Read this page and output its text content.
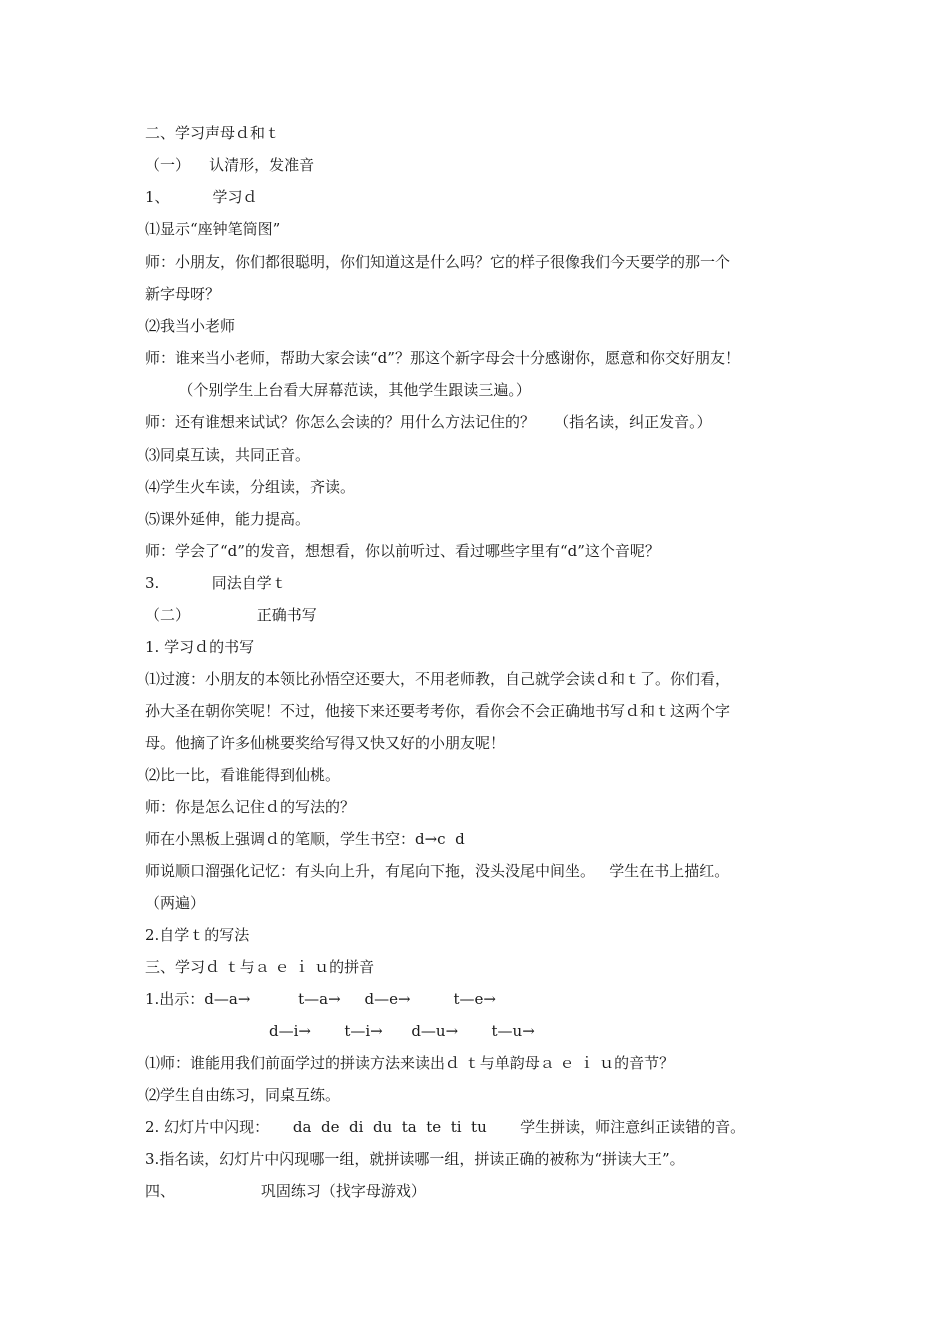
二、学习声母ｄ和ｔ
（一）    认清形，发准音
1、         学习ｄ
⑴显示“座钟笔筒图”
师：小朋友，你们都很聪明，你们知道这是什么吗？它的样子很像我们今天要学的那一个
新字母呀？
⑵我当小老师
师：谁来当小老师，帮助大家会读“d”？那这个新字母会十分感谢你，愿意和你交好朋友！
（个别学生上台看大屏幕范读，其他学生跟读三遍。）
师：还有谁想来试试？你怎么会读的？用什么方法记住的？    （指名读，纠正发音。）
⑶同桌互读，共同正音。
⑷学生火车读，分组读，齐读。
⑸课外延伸，能力提高。
师：学会了“d”的发音，想想看，你以前听过、看过哪些字里有“d”这个音呢？
3.           同法自学ｔ
（二）              正确书写
1. 学习ｄ的书写
⑴过渡：小朋友的本领比孙悟空还要大，不用老师教，自己就学会读ｄ和ｔ了。你们看，
孙大圣在朝你笑呢！不过，他接下来还要考考你，看你会不会正确地书写ｄ和ｔ这两个字
母。他摘了许多仙桃要奖给写得又快又好的小朋友呢！
⑵比一比，看谁能得到仙桃。
师：你是怎么记住ｄ的写法的？
师在小黑板上强调ｄ的笔顺，学生书空：d→c  d
师说顺口溜强化记忆：有头向上升，有尾向下拖，没头没尾中间坐。   学生在书上描红。
（两遍）
2.自学ｔ的写法
三、学习ｄ ｔ与ａ ｅ ｉ ｕ的拼音
1.出示：d—a→          t—a→     d—e→         t—e→
d—i→       t—i→      d—u→       t—u→
⑴师：谁能用我们前面学过的拼读方法来读出ｄ ｔ与单韵母ａ ｅ ｉ ｕ的音节？
⑵学生自由练习，同桌互练。
2. 幻灯片中闪现：     da  de  di  du  ta  te  ti  tu       学生拼读，师注意纠正读错的音。
3.指名读，幻灯片中闪现哪一组，就拼读哪一组，拼读正确的被称为“拼读大王”。
四、                  巩固练习（找字母游戏）
